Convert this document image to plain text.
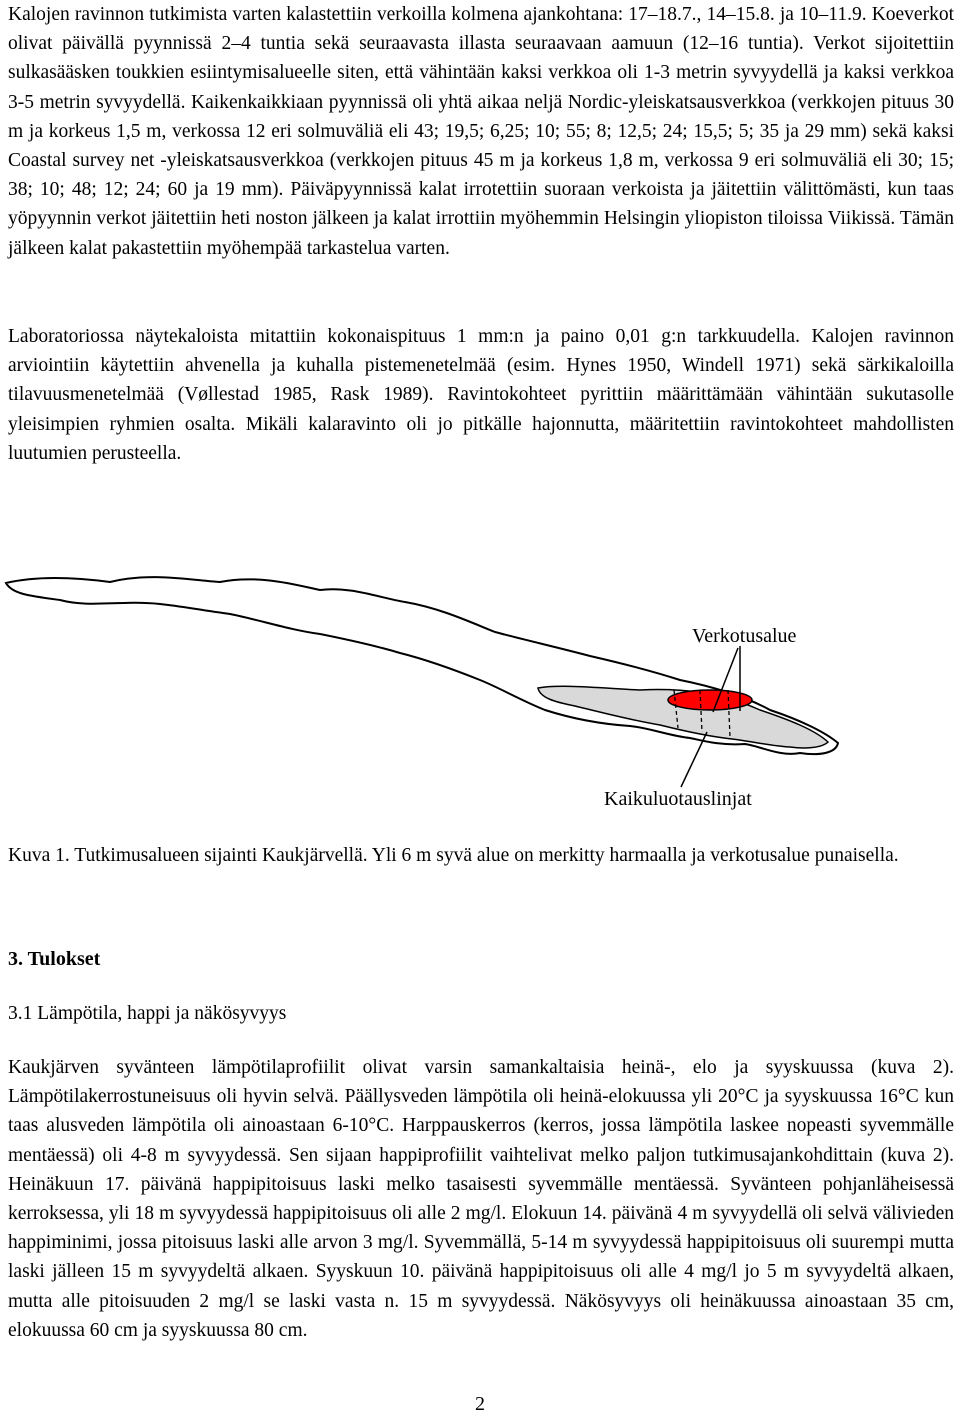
Kalojen ravinnon tutkimista varten kalastettiin verkoilla kolmena ajankohtana: 17–18.7., 14–15.8. ja 10–11.9. Koeverkot olivat päivällä pyynnissä 2–4 tuntia sekä seuraavasta illasta seuraavaan aamuun (12–16 tuntia). Verkot sijoitettiin sulkasääsken toukkien esiintymisalueelle siten, että vähintään kaksi verkkoa oli 1-3 metrin syvyydellä ja kaksi verkkoa 3-5 metrin syvyydellä. Kaikenkaikkiaan pyynnissä oli yhtä aikaa neljä Nordic-yleiskatsausverkkoa (verkkojen pituus 30 m ja korkeus 1,5 m, verkossa 12 eri solmuväliä eli 43; 19,5; 6,25; 10; 55; 8; 12,5; 24; 15,5; 5; 35 ja 29 mm) sekä kaksi Coastal survey net -yleiskatsausverkkoa (verkkojen pituus 45 m ja korkeus 1,8 m, verkossa 9 eri solmuväliä eli 30; 15; 38; 10; 48; 12; 24; 60 ja 19 mm). Päiväpyynnissä kalat irrotettiin suoraan verkoista ja jäitettiin välittömästi, kun taas yöpyynnin verkot jäitettiin heti noston jälkeen ja kalat irrottiin myöhemmin Helsingin yliopiston tiloissa Viikissä. Tämän jälkeen kalat pakastettiin myöhempää tarkastelua varten.

Laboratoriossa näytekaloista mitattiin kokonaispituus 1 mm:n ja paino 0,01 g:n tarkkuudella. Kalojen ravinnon arviointiin käytettiin ahvenella ja kuhalla pistemenetelmää (esim. Hynes 1950, Windell 1971) sekä särkikaloilla tilavuusmenetelmää (Vøllestad 1985, Rask 1989). Ravintokohteet pyrittiin määrittämään vähintään sukutasolle yleisimpien ryhmien osalta. Mikäli kalaravinto oli jo pitkälle hajonnutta, määritettiin ravintokohteet mahdollisten luutumien perusteella.

Verkotusalue
Kaikuluotauslinjat

Kuva 1. Tutkimusalueen sijainti Kaukjärvellä. Yli 6 m syvä alue on merkitty harmaalla ja verkotusalue punaisella.

3. Tulokset
3.1 Lämpötila, happi ja näkösyvyys

Kaukjärven syvänteen lämpötilaprofiilit olivat varsin samankaltaisia heinä-, elo ja syyskuussa (kuva 2). Lämpötilakerrostuneisuus oli hyvin selvä. Päällysveden lämpötila oli heinä-elokuussa yli 20°C ja syyskuussa 16°C kun taas alusveden lämpötila oli ainoastaan 6-10°C. Harppauskerros (kerros, jossa lämpötila laskee nopeasti syvemmälle mentäessä) oli 4-8 m syvyydessä. Sen sijaan happiprofiilit vaihtelivat melko paljon tutkimusajankohdittain (kuva 2). Heinäkuun 17. päivänä happipitoisuus laski melko tasaisesti syvemmälle mentäessä. Syvänteen pohjanläheisessä kerroksessa, yli 18 m syvyydessä happipitoisuus oli alle 2 mg/l. Elokuun 14. päivänä 4 m syvyydellä oli selvä välivieden happiminimi, jossa pitoisuus laski alle arvon 3 mg/l. Syvemmällä, 5-14 m syvyydessä happipitoisuus oli suurempi mutta laski jälleen 15 m syvyydeltä alkaen. Syyskuun 10. päivänä happipitoisuus oli alle 4 mg/l jo 5 m syvyydeltä alkaen, mutta alle pitoisuuden 2 mg/l se laski vasta n. 15 m syvyydessä. Näkösyvyys oli heinäkuussa ainoastaan 35 cm, elokuussa 60 cm ja syyskuussa 80 cm.

2
